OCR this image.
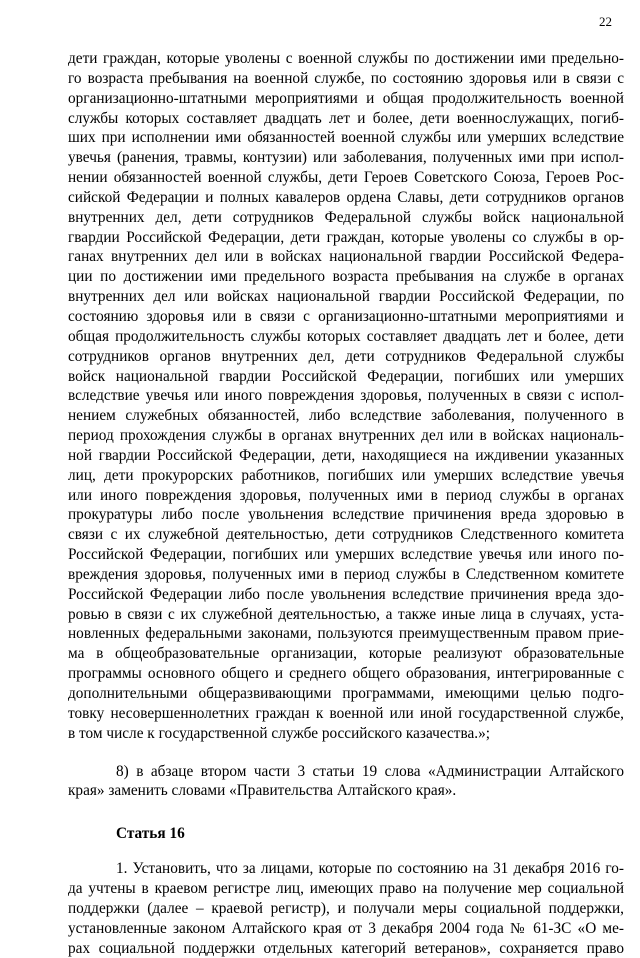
22
дети граждан, которые уволены с военной службы по достижении ими предельно-
го возраста пребывания на военной службе, по состоянию здоровья или в связи с
организационно-штатными мероприятиями и общая продолжительность военной
службы которых составляет двадцать лет и более, дети военнослужащих, погиб-
ших при исполнении ими обязанностей военной службы или умерших вследствие
увечья (ранения, травмы, контузии) или заболевания, полученных ими при испол-
нении обязанностей военной службы, дети Героев Советского Союза, Героев Рос-
сийской Федерации и полных кавалеров ордена Славы, дети сотрудников органов
внутренних дел, дети сотрудников Федеральной службы войск национальной
гвардии Российской Федерации, дети граждан, которые уволены со службы в ор-
ганах внутренних дел или в войсках национальной гвардии Российской Федера-
ции по достижении ими предельного возраста пребывания на службе в органах
внутренних дел или войсках национальной гвардии Российской Федерации, по
состоянию здоровья или в связи с организационно-штатными мероприятиями и
общая продолжительность службы которых составляет двадцать лет и более, дети
сотрудников органов внутренних дел, дети сотрудников Федеральной службы
войск национальной гвардии Российской Федерации, погибших или умерших
вследствие увечья или иного повреждения здоровья, полученных в связи с испол-
нением служебных обязанностей, либо вследствие заболевания, полученного в
период прохождения службы в органах внутренних дел или в войсках националь-
ной гвардии Российской Федерации, дети, находящиеся на иждивении указанных
лиц, дети прокурорских работников, погибших или умерших вследствие увечья
или иного повреждения здоровья, полученных ими в период службы в органах
прокуратуры либо после увольнения вследствие причинения вреда здоровью в
связи с их служебной деятельностью, дети сотрудников Следственного комитета
Российской Федерации, погибших или умерших вследствие увечья или иного по-
вреждения здоровья, полученных ими в период службы в Следственном комитете
Российской Федерации либо после увольнения вследствие причинения вреда здо-
ровью в связи с их служебной деятельностью, а также иные лица в случаях, уста-
новленных федеральными законами, пользуются преимущественным правом прие-
ма в общеобразовательные организации, которые реализуют образовательные
программы основного общего и среднего общего образования, интегрированные с
дополнительными общеразвивающими программами, имеющими целью подго-
товку несовершеннолетних граждан к военной или иной государственной службе,
в том числе к государственной службе российского казачества.»;
8) в абзаце втором части 3 статьи 19 слова «Администрации Алтайского
края» заменить словами «Правительства Алтайского края».
Статья 16
1. Установить, что за лицами, которые по состоянию на 31 декабря 2016 го-
да учтены в краевом регистре лиц, имеющих право на получение мер социальной
поддержки (далее – краевой регистр), и получали меры социальной поддержки,
установленные законом Алтайского края от 3 декабря 2004 года № 61-ЗС «О ме-
рах социальной поддержки отдельных категорий ветеранов», сохраняется право
